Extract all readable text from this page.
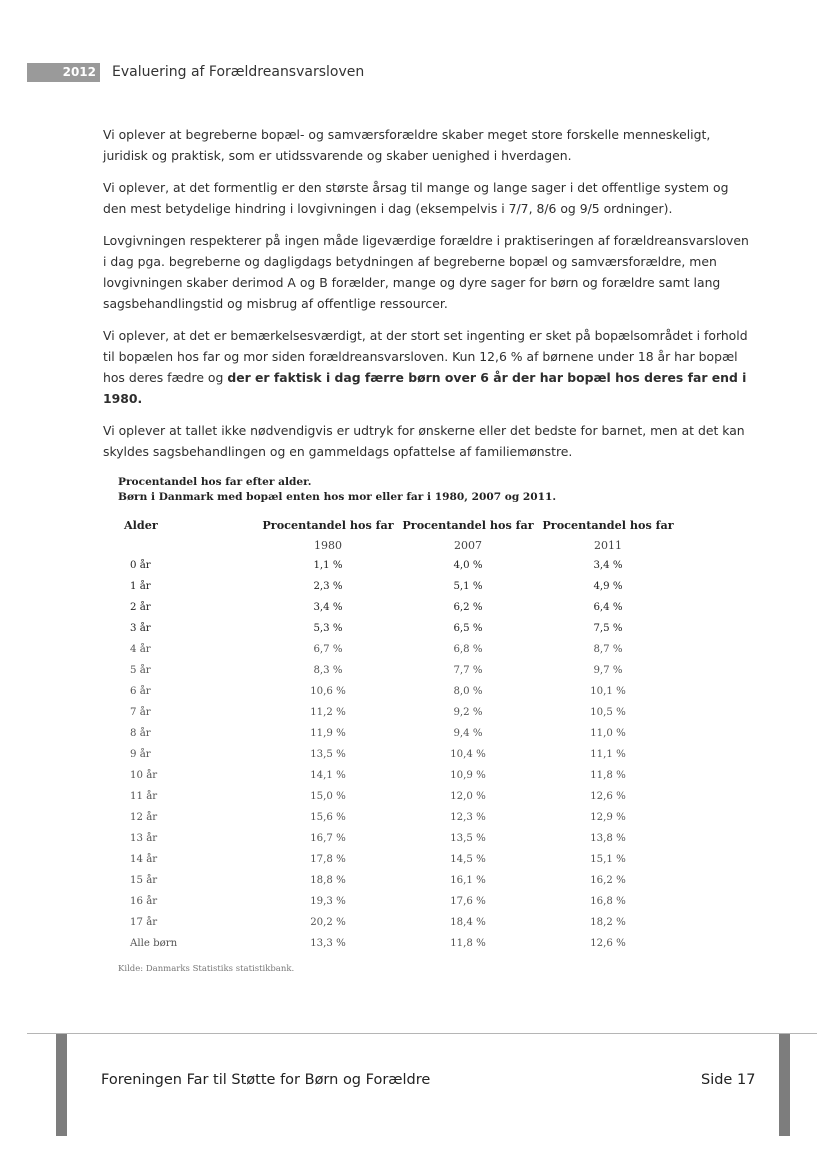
2012 Evaluering af Forældreansvarsloven

Vi oplever at begreberne bopæl- og samværsforældre skaber meget store forskelle menneskeligt, juridisk og praktisk, som er utidssvarende og skaber uenighed i hverdagen.

Vi oplever, at det formentlig er den største årsag til mange og lange sager i det offentlige system og den mest betydelige hindring i lovgivningen i dag (eksempelvis i 7/7, 8/6 og 9/5 ordninger).

Lovgivningen respekterer på ingen måde ligeværdige forældre i praktiseringen af forældreansvarsloven i dag pga. begreberne og dagligdags betydningen af begreberne bopæl og samværsforældre, men lovgivningen skaber derimod A og B forælder, mange og dyre sager for børn og forældre samt lang sagsbehandlingstid og misbrug af offentlige ressourcer.

Vi oplever, at det er bemærkelsesværdigt, at der stort set ingenting er sket på bopælsområdet i forhold til bopælen hos far og mor siden forældreansvarsloven. Kun 12,6 % af børnene under 18 år har bopæl hos deres fædre og der er faktisk i dag færre børn over 6 år der har bopæl hos deres far end i 1980.

Vi oplever at tallet ikke nødvendigvis er udtryk for ønskerne eller det bedste for barnet, men at det kan skyldes sagsbehandlingen og en gammeldags opfattelse af familiemønstre.

Procentandel hos far efter alder.
Børn i Danmark med bopæl enten hos mor eller far i 1980, 2007 og 2011.
Alder	Procentandel hos far	Procentandel hos far	Procentandel hos far
	1980	2007	2011
0 år	1,1 %	4,0 %	3,4 %
1 år	2,3 %	5,1 %	4,9 %
2 år	3,4 %	6,2 %	6,4 %
3 år	5,3 %	6,5 %	7,5 %
4 år	6,7 %	6,8 %	8,7 %
5 år	8,3 %	7,7 %	9,7 %
6 år	10,6 %	8,0 %	10,1 %
7 år	11,2 %	9,2 %	10,5 %
8 år	11,9 %	9,4 %	11,0 %
9 år	13,5 %	10,4 %	11,1 %
10 år	14,1 %	10,9 %	11,8 %
11 år	15,0 %	12,0 %	12,6 %
12 år	15,6 %	12,3 %	12,9 %
13 år	16,7 %	13,5 %	13,8 %
14 år	17,8 %	14,5 %	15,1 %
15 år	18,8 %	16,1 %	16,2 %
16 år	19,3 %	17,6 %	16,8 %
17 år	20,2 %	18,4 %	18,2 %
Alle børn	13,3 %	11,8 %	12,6 %
Kilde: Danmarks Statistiks statistikbank.
Foreningen Far til Støtte for Børn og Forældre	Side 17
